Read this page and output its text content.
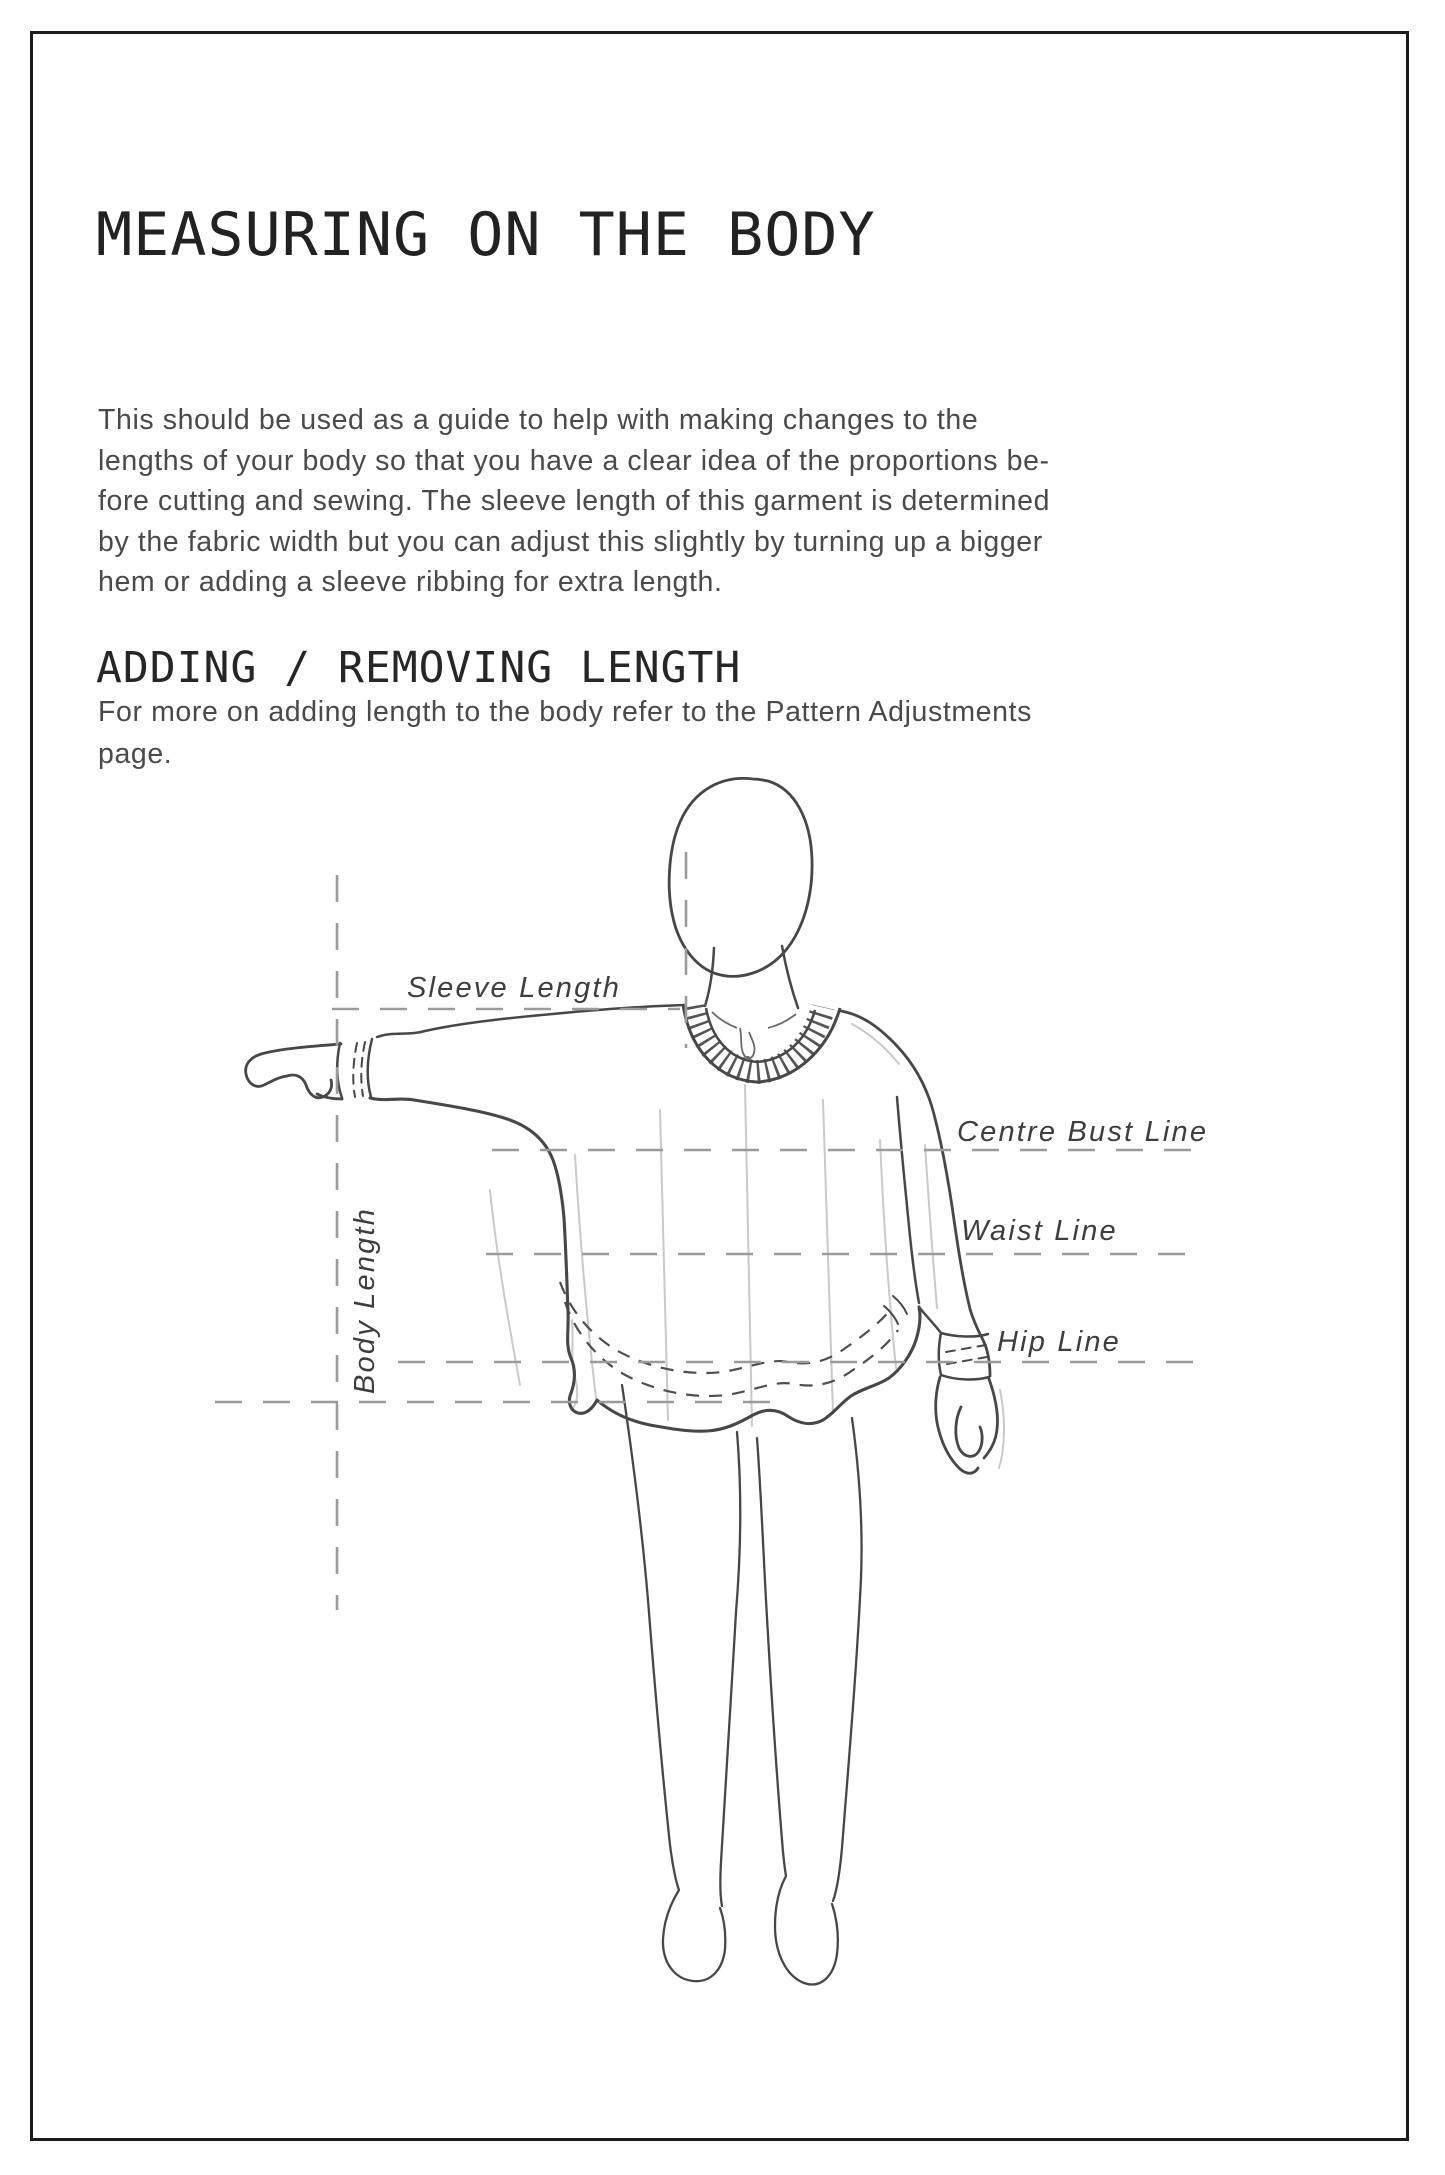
MEASURING ON THE BODY
This should be used as a guide to help with making changes to the
lengths of your body so that you have a clear idea of the proportions be-
fore cutting and sewing. The sleeve length of this garment is determined
by the fabric width but you can adjust this slightly by turning up a bigger
hem or adding a sleeve ribbing for extra length.
ADDING / REMOVING LENGTH
For more on adding length to the body refer to the Pattern Adjustments
page.
Sleeve Length
Centre Bust Line
Waist Line
Hip Line
Body Length
